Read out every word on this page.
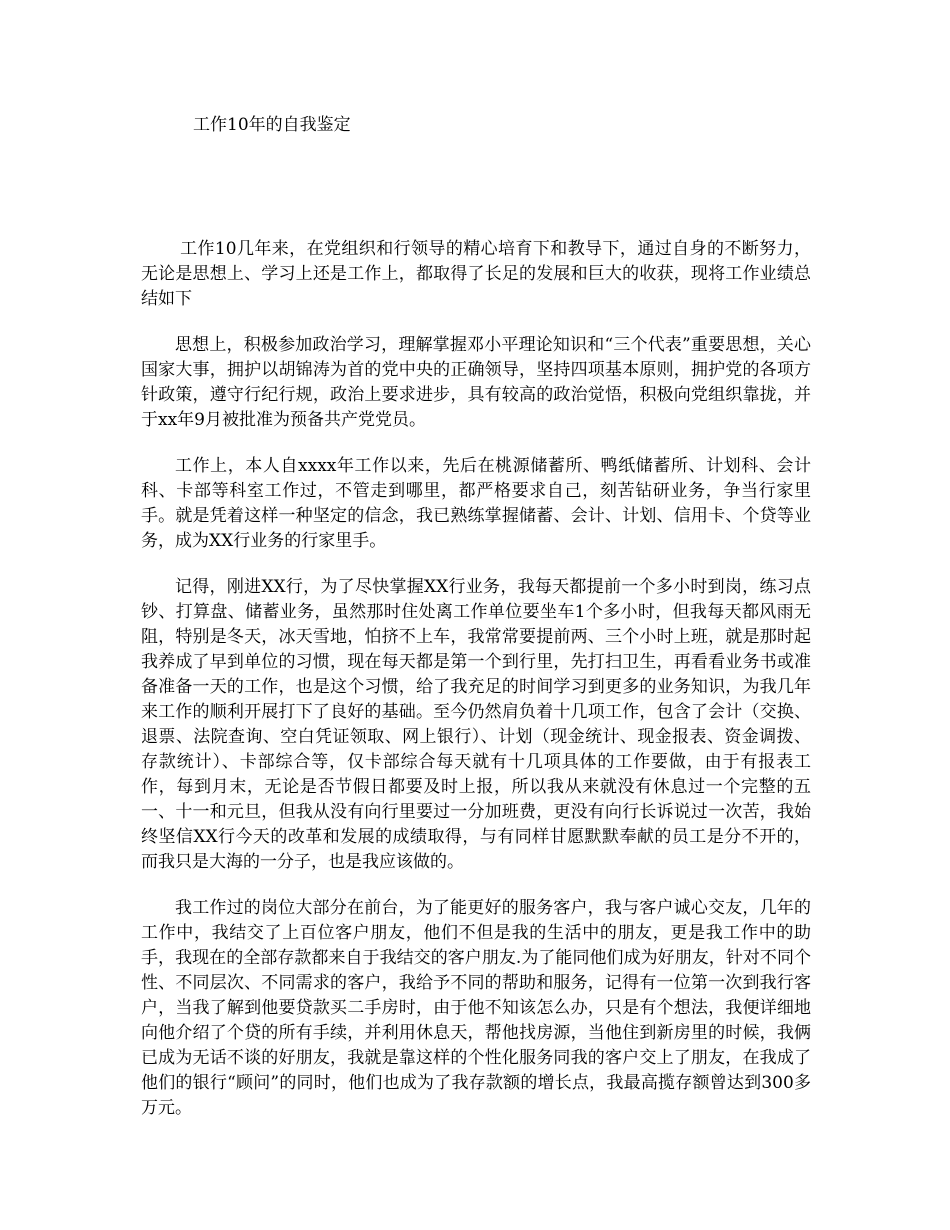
工作10年的自我鉴定

工作10几年来，在党组织和行领导的精心培育下和教导下，通过自身的不断努力，无论是思想上、学习上还是工作上，都取得了长足的发展和巨大的收获，现将工作业绩总结如下

思想上，积极参加政治学习，理解掌握邓小平理论知识和“三个代表”重要思想，关心国家大事，拥护以胡锦涛为首的党中央的正确领导，坚持四项基本原则，拥护党的各项方针政策，遵守行纪行规，政治上要求进步，具有较高的政治觉悟，积极向党组织靠拢，并于xx年9月被批准为预备共产党党员。

工作上，本人自xxxx年工作以来，先后在桃源储蓄所、鸭纸储蓄所、计划科、会计科、卡部等科室工作过，不管走到哪里，都严格要求自己，刻苦钻研业务，争当行家里手。就是凭着这样一种坚定的信念，我已熟练掌握储蓄、会计、计划、信用卡、个贷等业务，成为XX行业务的行家里手。

记得，刚进XX行，为了尽快掌握XX行业务，我每天都提前一个多小时到岗，练习点钞、打算盘、储蓄业务，虽然那时住处离工作单位要坐车1个多小时，但我每天都风雨无阻，特别是冬天，冰天雪地，怕挤不上车，我常常要提前两、三个小时上班，就是那时起我养成了早到单位的习惯，现在每天都是第一个到行里，先打扫卫生，再看看业务书或准备准备一天的工作，也是这个习惯，给了我充足的时间学习到更多的业务知识，为我几年来工作的顺利开展打下了良好的基础。至今仍然肩负着十几项工作，包含了会计（交换、退票、法院查询、空白凭证领取、网上银行）、计划（现金统计、现金报表、资金调拨、存款统计）、卡部综合等，仅卡部综合每天就有十几项具体的工作要做，由于有报表工作，每到月末，无论是否节假日都要及时上报，所以我从来就没有休息过一个完整的五一、十一和元旦，但我从没有向行里要过一分加班费，更没有向行长诉说过一次苦，我始终坚信XX行今天的改革和发展的成绩取得，与有同样甘愿默默奉献的员工是分不开的，而我只是大海的一分子，也是我应该做的。

我工作过的岗位大部分在前台，为了能更好的服务客户，我与客户诚心交友，几年的工作中，我结交了上百位客户朋友，他们不但是我的生活中的朋友，更是我工作中的助手，我现在的全部存款都来自于我结交的客户朋友.为了能同他们成为好朋友，针对不同个性、不同层次、不同需求的客户，我给予不同的帮助和服务，记得有一位第一次到我行客户，当我了解到他要贷款买二手房时，由于他不知该怎么办，只是有个想法，我便详细地向他介绍了个贷的所有手续，并利用休息天，帮他找房源，当他住到新房里的时候，我俩已成为无话不谈的好朋友，我就是靠这样的个性化服务同我的客户交上了朋友，在我成了他们的银行“顾问”的同时，他们也成为了我存款额的增长点，我最高揽存额曾达到300多万元。
